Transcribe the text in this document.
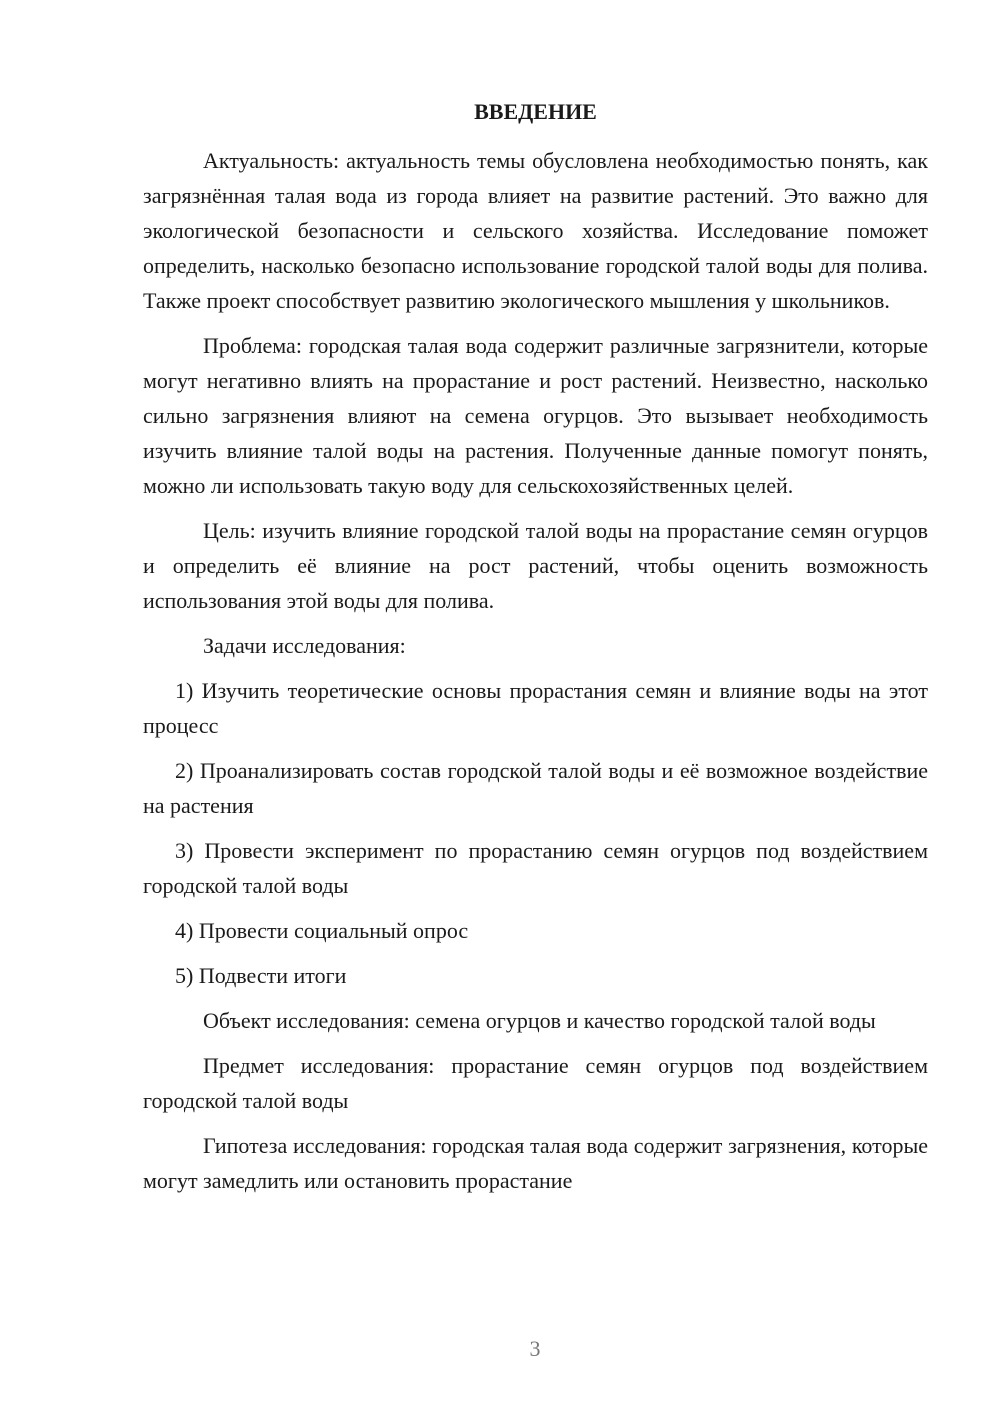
ВВЕДЕНИЕ

Актуальность: актуальность темы обусловлена необходимостью понять, как загрязнённая талая вода из города влияет на развитие растений. Это важно для экологической безопасности и сельского хозяйства. Исследование поможет определить, насколько безопасно использование городской талой воды для полива. Также проект способствует развитию экологического мышления у школьников.

Проблема: городская талая вода содержит различные загрязнители, которые могут негативно влиять на прорастание и рост растений. Неизвестно, насколько сильно загрязнения влияют на семена огурцов. Это вызывает необходимость изучить влияние талой воды на растения. Полученные данные помогут понять, можно ли использовать такую воду для сельскохозяйственных целей.

Цель: изучить влияние городской талой воды на прорастание семян огурцов и определить её влияние на рост растений, чтобы оценить возможность использования этой воды для полива.

Задачи исследования:

1) Изучить теоретические основы прорастания семян и влияние воды на этот процесс

2) Проанализировать состав городской талой воды и её возможное воздействие на растения

3) Провести эксперимент по прорастанию семян огурцов под воздействием городской талой воды

4) Провести социальный опрос

5) Подвести итоги

Объект исследования: семена огурцов и качество городской талой воды

Предмет исследования: прорастание семян огурцов под воздействием городской талой воды

Гипотеза исследования: городская талая вода содержит загрязнения, которые могут замедлить или остановить прорастание

3
